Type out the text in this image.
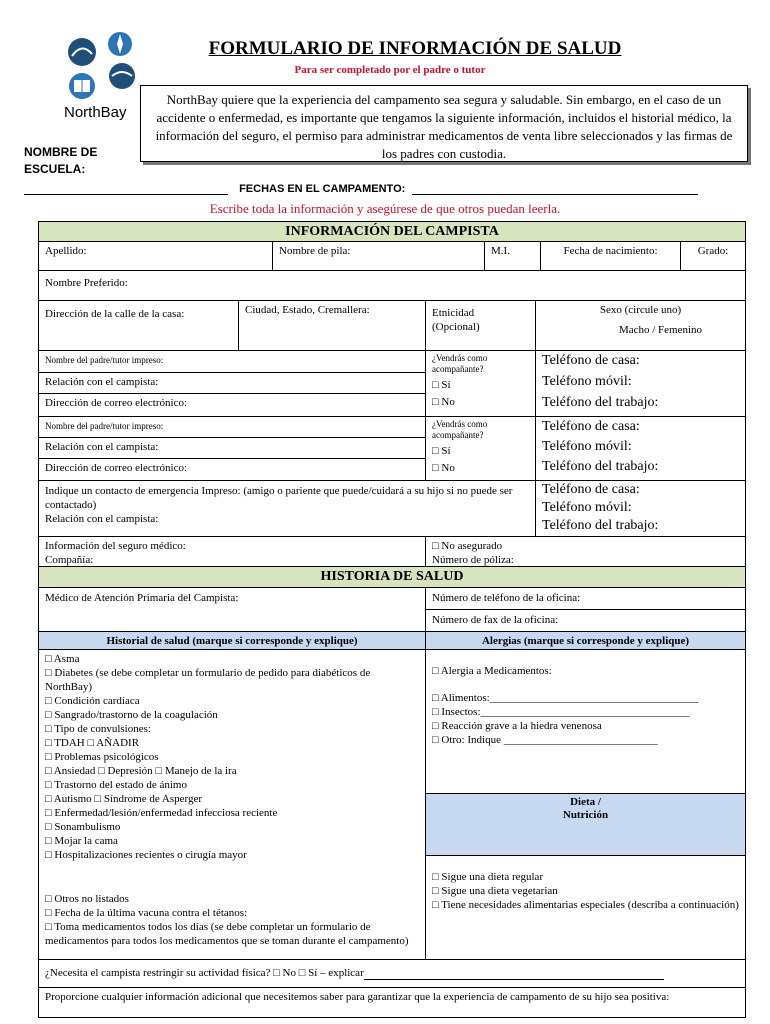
NorthBay
FORMULARIO DE INFORMACIÓN DE SALUD
Para ser completado por el padre o tutor
NorthBay quiere que la experiencia del campamento sea segura y saludable. Sin embargo, en el caso de un accidente o enfermedad, es importante que tengamos la siguiente información, incluidos el historial médico, la información del seguro, el permiso para administrar medicamentos de venta libre seleccionados y las firmas de los padres con custodia.
NOMBRE DE
ESCUELA:
FECHAS EN EL CAMPAMENTO:
Escribe toda la información y asegúrese de que otros puedan leerla.
INFORMACIÓN DEL CAMPISTA
Apellido:	Nombre de pila:	M.I.	Fecha de nacimiento:	Grado:
Nombre Preferido:
Dirección de la calle de la casa:	Ciudad, Estado, Cremallera:	Etnicidad
(Opcional)
Sexo (circule uno)
Macho / Femenino
Nombre del padre/tutor impreso:
Relación con el campista:
Dirección de correo electrónico:
¿Vendrás como acompañante?
□ Sí
□ No
Teléfono de casa:
Teléfono móvil:
Teléfono del trabajo:
Nombre del padre/tutor impreso:
Relación con el campista:
Dirección de correo electrónico:
¿Vendrás como acompañante?
□ Sí
□ No
Teléfono de casa:
Teléfono móvil:
Teléfono del trabajo:
Indique un contacto de emergencia Impreso: (amigo o pariente que puede/cuidará a su hijo si no puede ser contactado)
Relación con el campista:
Teléfono de casa:
Teléfono móvil:
Teléfono del trabajo:
Información del seguro médico:
Compañía:
□ No asegurado
Número de póliza:
HISTORIA DE SALUD
Médico de Atención Primaria del Campista:	Número de teléfono de la oficina:
Número de fax de la oficina:
Historial de salud (marque si corresponde y explique)	Alergias (marque si corresponde y explique)
□ Asma
□ Diabetes (se debe completar un formulario de pedido para diabéticos de NorthBay)
□ Condición cardíaca
□ Sangrado/trastorno de la coagulación
□ Tipo de convulsiones:
□ TDAH □ AÑADIR
□ Problemas psicológicos
□ Ansiedad □ Depresión □ Manejo de la ira
□ Trastorno del estado de ánimo
□ Autismo □ Síndrome de Asperger
□ Enfermedad/lesión/enfermedad infecciosa reciente
□ Sonambulismo
□ Mojar la cama
□ Hospitalizaciones recientes o cirugía mayor
□ Otros no listados
□ Fecha de la última vacuna contra el tétanos:
□ Toma medicamentos todos los días (se debe completar un formulario de medicamentos para todos los medicamentos que se toman durante el campamento)
□ Alergia a Medicamentos:
□ Alimentos:______________________________________
□ Insectos:______________________________________
□ Reacción grave a la hiedra venenosa
□ Otro: Indique ____________________________
Dieta /
Nutrición
□ Sigue una dieta regular
□ Sigue una dieta vegetarian
□ Tiene necesidades alimentarias especiales (describa a continuación)
¿Necesita el campista restringir su actividad física? □ No □ Sí – explicar
Proporcione cualquier información adicional que necesitemos saber para garantizar que la experiencia de campamento de su hijo sea positiva:
